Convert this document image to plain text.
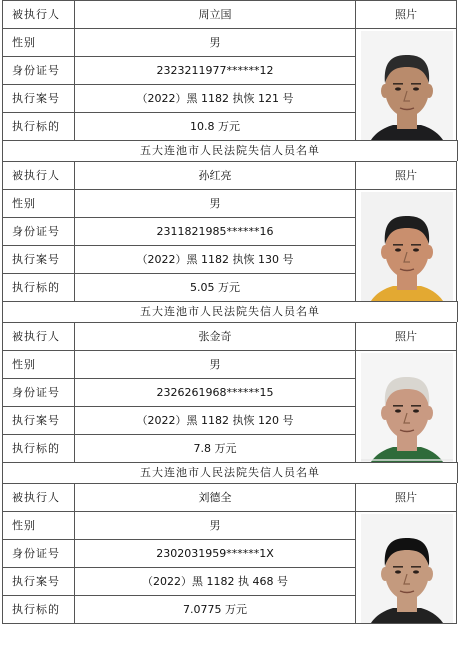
被执行人	周立国	照片
性别	男
身份证号	2323211977******12
执行案号	（2022）黑 1182 执恢 121 号
执行标的	10.8 万元
五大连池市人民法院失信人员名单
被执行人	孙红亮	照片
性别	男
身份证号	2311821985******16
执行案号	（2022）黑 1182 执恢 130 号
执行标的	5.05 万元
五大连池市人民法院失信人员名单
被执行人	张金奇	照片
性别	男
身份证号	2326261968******15
执行案号	（2022）黑 1182 执恢 120 号
执行标的	7.8 万元
五大连池市人民法院失信人员名单
被执行人	刘德全	照片
性别	男
身份证号	2302031959******1X
执行案号	（2022）黑 1182 执 468 号
执行标的	7.0775 万元
